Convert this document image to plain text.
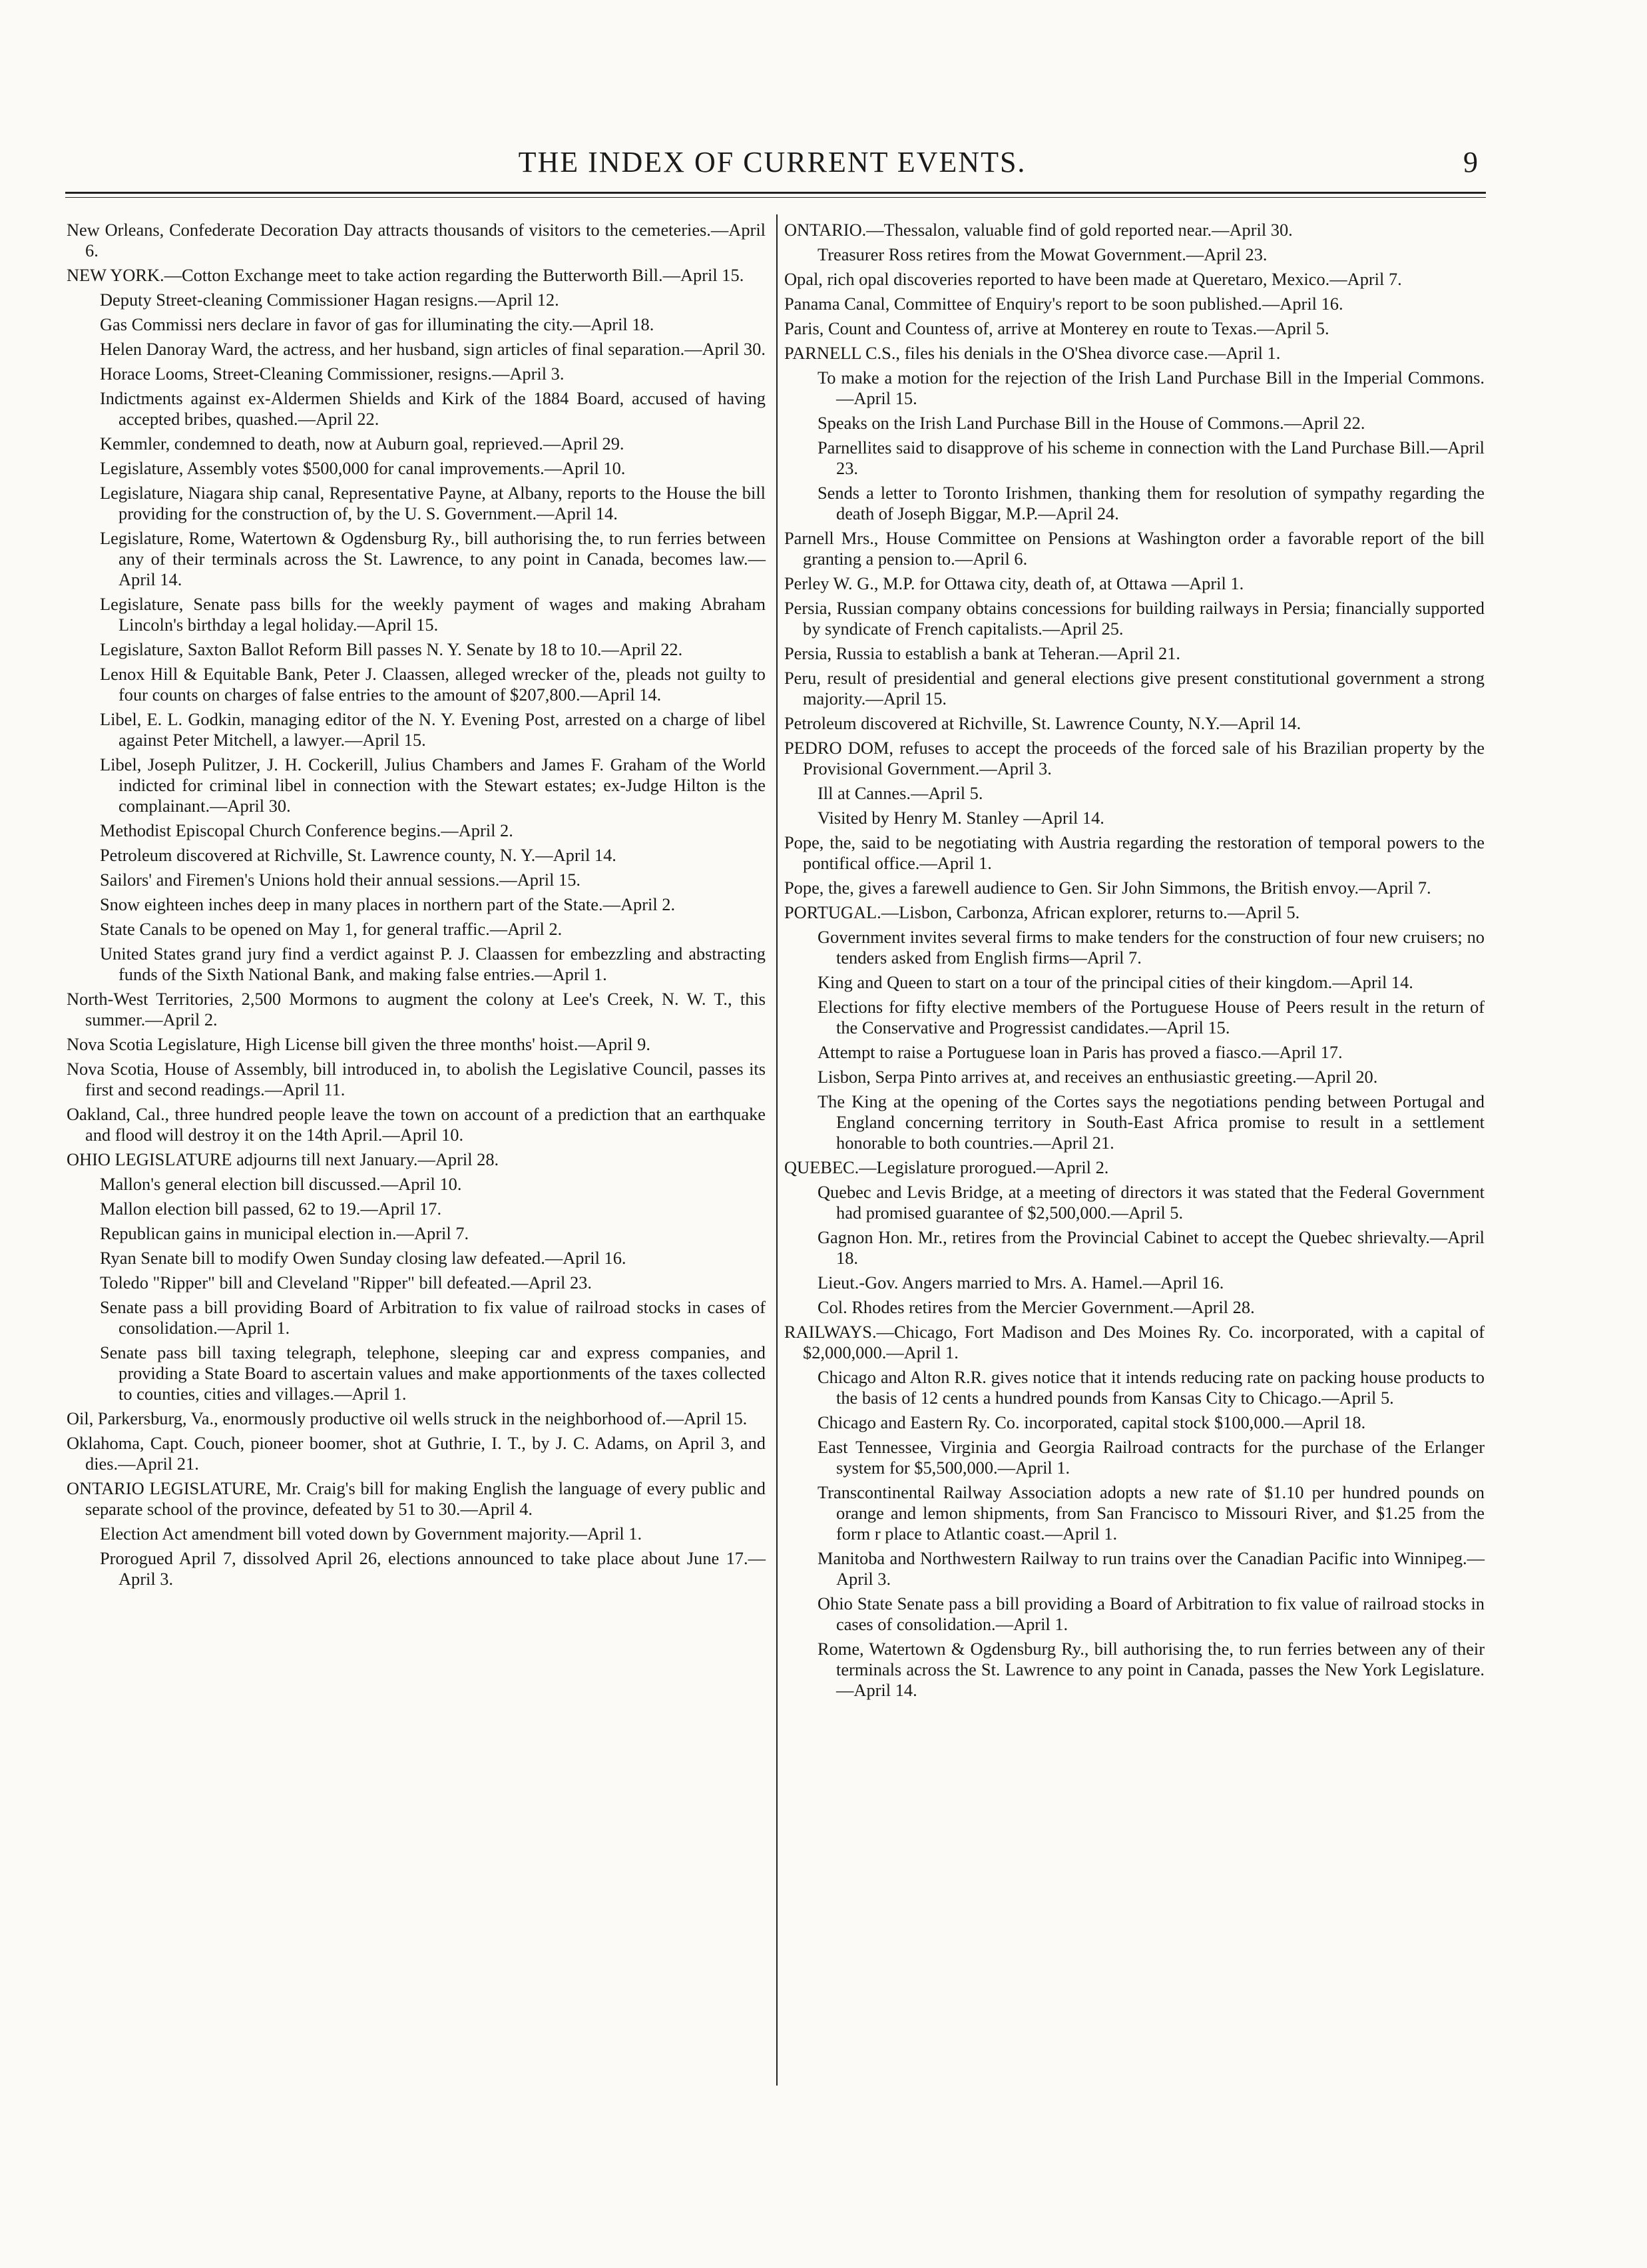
THE INDEX OF CURRENT EVENTS.	9

New Orleans, Confederate Decoration Day attracts thousands of visitors to the cemeteries.—April 6.

NEW YORK.—Cotton Exchange meet to take action regarding the Butterworth Bill.—April 15.

Deputy Street-cleaning Commissioner Hagan resigns.—April 12.

Gas Commissi ners declare in favor of gas for illuminating the city.—April 18.

Helen Danoray Ward, the actress, and her husband, sign articles of final separation.—April 30.

Horace Looms, Street-Cleaning Commissioner, resigns.—April 3.

Indictments against ex-Aldermen Shields and Kirk of the 1884 Board, accused of having accepted bribes, quashed.—April 22.

Kemmler, condemned to death, now at Auburn goal, reprieved.—April 29.

Legislature, Assembly votes $500,000 for canal improvements.—April 10.

Legislature, Niagara ship canal, Representative Payne, at Albany, reports to the House the bill providing for the construction of, by the U. S. Government.—April 14.

Legislature, Rome, Watertown & Ogdensburg Ry., bill authorising the, to run ferries between any of their terminals across the St. Lawrence, to any point in Canada, becomes law.—April 14.

Legislature, Senate pass bills for the weekly payment of wages and making Abraham Lincoln's birthday a legal holiday.—April 15.

Legislature, Saxton Ballot Reform Bill passes N. Y. Senate by 18 to 10.—April 22.

Lenox Hill & Equitable Bank, Peter J. Claassen, alleged wrecker of the, pleads not guilty to four counts on charges of false entries to the amount of $207,800.—April 14.

Libel, E. L. Godkin, managing editor of the N. Y. Evening Post, arrested on a charge of libel against Peter Mitchell, a lawyer.—April 15.

Libel, Joseph Pulitzer, J. H. Cockerill, Julius Chambers and James F. Graham of the World indicted for criminal libel in connection with the Stewart estates; ex-Judge Hilton is the complainant.—April 30.

Methodist Episcopal Church Conference begins.—April 2.

Petroleum discovered at Richville, St. Lawrence county, N. Y.—April 14.

Sailors' and Firemen's Unions hold their annual sessions.—April 15.

Snow eighteen inches deep in many places in northern part of the State.—April 2.

State Canals to be opened on May 1, for general traffic.—April 2.

United States grand jury find a verdict against P. J. Claassen for embezzling and abstracting funds of the Sixth National Bank, and making false entries.—April 1.

North-West Territories, 2,500 Mormons to augment the colony at Lee's Creek, N. W. T., this summer.—April 2.

Nova Scotia Legislature, High License bill given the three months' hoist.—April 9.

Nova Scotia, House of Assembly, bill introduced in, to abolish the Legislative Council, passes its first and second readings.—April 11.

Oakland, Cal., three hundred people leave the town on account of a prediction that an earthquake and flood will destroy it on the 14th April.—April 10.

OHIO LEGISLATURE adjourns till next January.—April 28.

Mallon's general election bill discussed.—April 10.

Mallon election bill passed, 62 to 19.—April 17.

Republican gains in municipal election in.—April 7.

Ryan Senate bill to modify Owen Sunday closing law defeated.—April 16.

Toledo "Ripper" bill and Cleveland "Ripper" bill defeated.—April 23.

Senate pass a bill providing Board of Arbitration to fix value of railroad stocks in cases of consolidation.—April 1.

Senate pass bill taxing telegraph, telephone, sleeping car and express companies, and providing a State Board to ascertain values and make apportionments of the taxes collected to counties, cities and villages.—April 1.

Oil, Parkersburg, Va., enormously productive oil wells struck in the neighborhood of.—April 15.

Oklahoma, Capt. Couch, pioneer boomer, shot at Guthrie, I. T., by J. C. Adams, on April 3, and dies.—April 21.

ONTARIO LEGISLATURE, Mr. Craig's bill for making English the language of every public and separate school of the province, defeated by 51 to 30.—April 4.

Election Act amendment bill voted down by Government majority.—April 1.

Prorogued April 7, dissolved April 26, elections announced to take place about June 17.—April 3.

ONTARIO.—Thessalon, valuable find of gold reported near.—April 30.

Treasurer Ross retires from the Mowat Government.—April 23.

Opal, rich opal discoveries reported to have been made at Queretaro, Mexico.—April 7.

Panama Canal, Committee of Enquiry's report to be soon published.—April 16.

Paris, Count and Countess of, arrive at Monterey en route to Texas.—April 5.

PARNELL C.S., files his denials in the O'Shea divorce case.—April 1.

To make a motion for the rejection of the Irish Land Purchase Bill in the Imperial Commons.—April 15.

Speaks on the Irish Land Purchase Bill in the House of Commons.—April 22.

Parnellites said to disapprove of his scheme in connection with the Land Purchase Bill.—April 23.

Sends a letter to Toronto Irishmen, thanking them for resolution of sympathy regarding the death of Joseph Biggar, M.P.—April 24.

Parnell Mrs., House Committee on Pensions at Washington order a favorable report of the bill granting a pension to.—April 6.

Perley W. G., M.P. for Ottawa city, death of, at Ottawa —April 1.

Persia, Russian company obtains concessions for building railways in Persia; financially supported by syndicate of French capitalists.—April 25.

Persia, Russia to establish a bank at Teheran.—April 21.

Peru, result of presidential and general elections give present constitutional government a strong majority.—April 15.

Petroleum discovered at Richville, St. Lawrence County, N.Y.—April 14.

PEDRO DOM, refuses to accept the proceeds of the forced sale of his Brazilian property by the Provisional Government.—April 3.

Ill at Cannes.—April 5.

Visited by Henry M. Stanley —April 14.

Pope, the, said to be negotiating with Austria regarding the restoration of temporal powers to the pontifical office.—April 1.

Pope, the, gives a farewell audience to Gen. Sir John Simmons, the British envoy.—April 7.

PORTUGAL.—Lisbon, Carbonza, African explorer, returns to.—April 5.

Government invites several firms to make tenders for the construction of four new cruisers; no tenders asked from English firms—April 7.

King and Queen to start on a tour of the principal cities of their kingdom.—April 14.

Elections for fifty elective members of the Portuguese House of Peers result in the return of the Conservative and Progressist candidates.—April 15.

Attempt to raise a Portuguese loan in Paris has proved a fiasco.—April 17.

Lisbon, Serpa Pinto arrives at, and receives an enthusiastic greeting.—April 20.

The King at the opening of the Cortes says the negotiations pending between Portugal and England concerning territory in South-East Africa promise to result in a settlement honorable to both countries.—April 21.

QUEBEC.—Legislature prorogued.—April 2.

Quebec and Levis Bridge, at a meeting of directors it was stated that the Federal Government had promised guarantee of $2,500,000.—April 5.

Gagnon Hon. Mr., retires from the Provincial Cabinet to accept the Quebec shrievalty.—April 18.

Lieut.-Gov. Angers married to Mrs. A. Hamel.—April 16.

Col. Rhodes retires from the Mercier Government.—April 28.

RAILWAYS.—Chicago, Fort Madison and Des Moines Ry. Co. incorporated, with a capital of $2,000,000.—April 1.

Chicago and Alton R.R. gives notice that it intends reducing rate on packing house products to the basis of 12 cents a hundred pounds from Kansas City to Chicago.—April 5.

Chicago and Eastern Ry. Co. incorporated, capital stock $100,000.—April 18.

East Tennessee, Virginia and Georgia Railroad contracts for the purchase of the Erlanger system for $5,500,000.—April 1.

Transcontinental Railway Association adopts a new rate of $1.10 per hundred pounds on orange and lemon shipments, from San Francisco to Missouri River, and $1.25 from the form r place to Atlantic coast.—April 1.

Manitoba and Northwestern Railway to run trains over the Canadian Pacific into Winnipeg.—April 3.

Ohio State Senate pass a bill providing a Board of Arbitration to fix value of railroad stocks in cases of consolidation.—April 1.

Rome, Watertown & Ogdensburg Ry., bill authorising the, to run ferries between any of their terminals across the St. Lawrence to any point in Canada, passes the New York Legislature.—April 14.
